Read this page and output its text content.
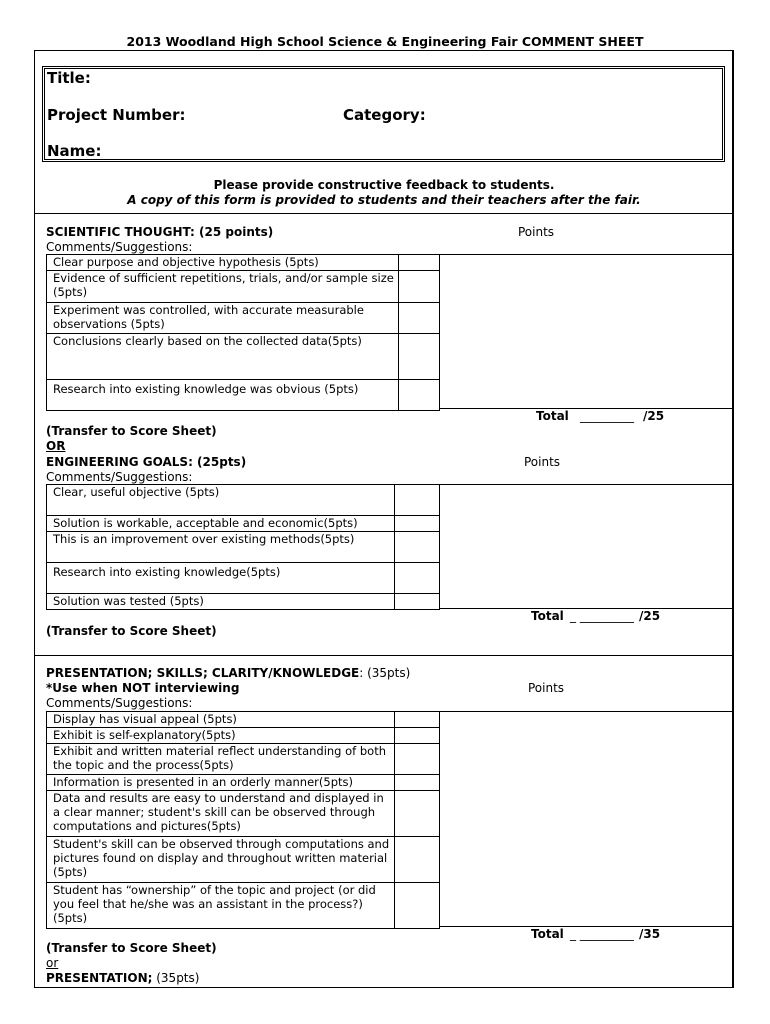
2013 Woodland High School Science & Engineering Fair COMMENT SHEET
Title:
Project Number:	Category:
Name:
Please provide constructive feedback to students.
A copy of this form is provided to students and their teachers after the fair.
SCIENTIFIC THOUGHT: (25 points)	Points
Comments/Suggestions:
Clear purpose and objective hypothesis (5pts)	
Evidence of sufficient repetitions, trials, and/or sample size (5pts)	
Experiment was controlled, with accurate measurable observations (5pts)	
Conclusions clearly based on the collected data(5pts)	
Research into existing knowledge was obvious (5pts)	
Total _________ /25
(Transfer to Score Sheet)
OR
ENGINEERING GOALS: (25pts)	Points
Comments/Suggestions:
Clear, useful objective (5pts)	
Solution is workable, acceptable and economic(5pts)	
This is an improvement over existing methods(5pts)	
Research into existing knowledge(5pts)	
Solution was tested (5pts)	
Total _ _________ /25
(Transfer to Score Sheet)
PRESENTATION; SKILLS; CLARITY/KNOWLEDGE: (35pts)
*Use when NOT interviewing	Points
Comments/Suggestions:
Display has visual appeal (5pts)	
Exhibit is self-explanatory(5pts)	
Exhibit and written material reflect understanding of both the topic and the process(5pts)	
Information is presented in an orderly manner(5pts)	
Data and results are easy to understand and displayed in a clear manner; student's skill can be observed through computations and pictures(5pts)	
Student's skill can be observed through computations and pictures found on display and throughout written material (5pts)	
Student has “ownership” of the topic and project (or did you feel that he/she was an assistant in the process?) (5pts)	
Total _ _________ /35
(Transfer to Score Sheet)
or
PRESENTATION; (35pts)
